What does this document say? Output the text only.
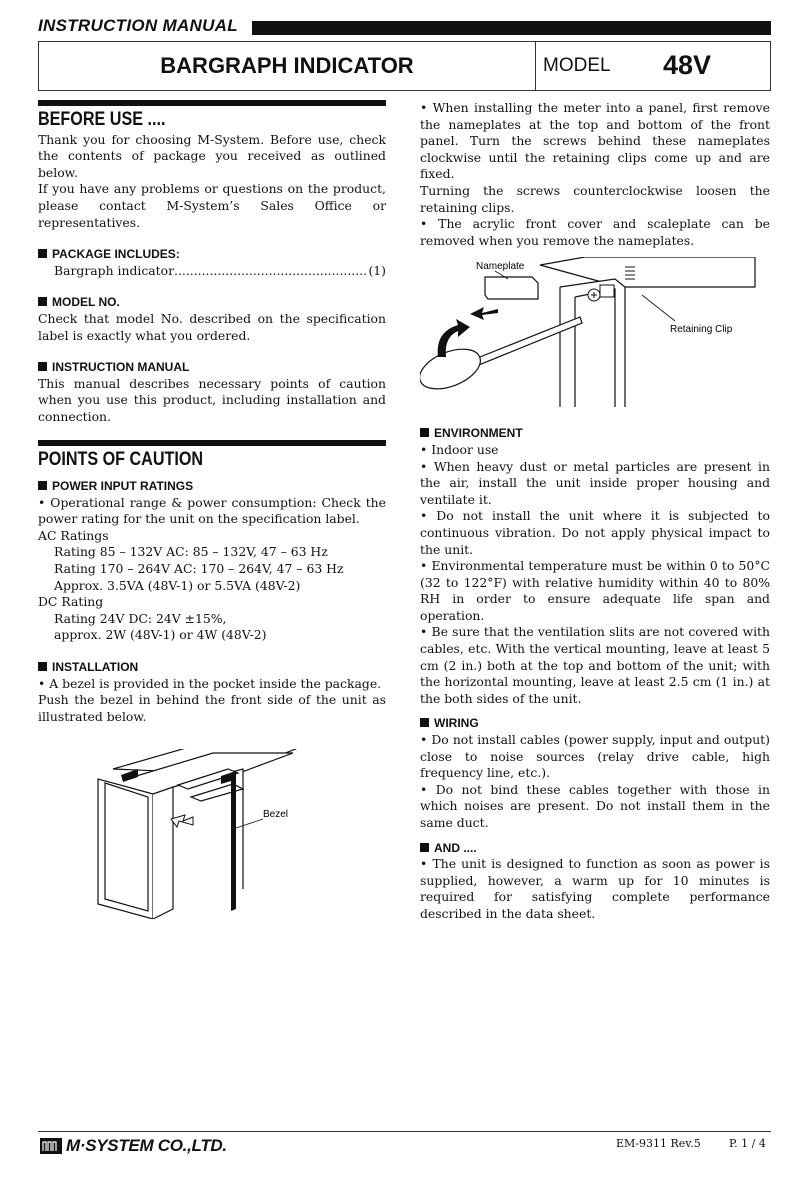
INSTRUCTION MANUAL
BARGRAPH INDICATOR	MODEL 48V
BEFORE USE ....

Thank you for choosing M-System. Before use, check the contents of package you received as outlined below.

If you have any problems or questions on the product, please contact M-System’s Sales Office or representatives.

PACKAGE INCLUDES:
Bargraph indicator
.....	(1)
MODEL NO.

Check that model No. described on the specification label is exactly what you ordered.

INSTRUCTION MANUAL

This manual describes necessary points of caution when you use this product, including installation and connection.

POINTS OF CAUTION
POWER INPUT RATINGS

• Operational range & power consumption: Check the power rating for the unit on the specification label.

AC Ratings
Rating 85 – 132V AC: 85 – 132V, 47 – 63 Hz
Rating 170 – 264V AC: 170 – 264V, 47 – 63 Hz
Approx. 3.5VA (48V-1) or 5.5VA (48V-2)
DC Rating
Rating 24V DC: 24V ±15%,
approx. 2W (48V-1) or 4W (48V-2)
INSTALLATION

• A bezel is provided in the pocket inside the package.

Push the bezel in behind the front side of the unit as illustrated below.

Bezel

• When installing the meter into a panel, first remove the nameplates at the top and bottom of the front panel. Turn the screws behind these nameplates clockwise until the retaining clips come up and are fixed.

Turning the screws counterclockwise loosen the retaining clips.

• The acrylic front cover and scaleplate can be removed when you remove the nameplates.

Nameplate
Retaining Clip
ENVIRONMENT

• Indoor use

• When heavy dust or metal particles are present in the air, install the unit inside proper housing and ventilate it.

• Do not install the unit where it is subjected to continuous vibration. Do not apply physical impact to the unit.

• Environmental temperature must be within 0 to 50°C (32 to 122°F) with relative humidity within 40 to 80% RH in order to ensure adequate life span and operation.

• Be sure that the ventilation slits are not covered with cables, etc. With the vertical mounting, leave at least 5 cm (2 in.) both at the top and bottom of the unit; with the horizontal mounting, leave at least 2.5 cm (1 in.) at the both sides of the unit.

WIRING

• Do not install cables (power supply, input and output) close to noise sources (relay drive cable, high frequency line, etc.).

• Do not bind these cables together with those in which noises are present. Do not install them in the same duct.

AND ....

• The unit is designed to function as soon as power is supplied, however, a warm up for 10 minutes is required for satisfying complete performance described in the data sheet.

M·SYSTEM CO.,LTD.	EM-9311 Rev.5	P. 1 / 4
